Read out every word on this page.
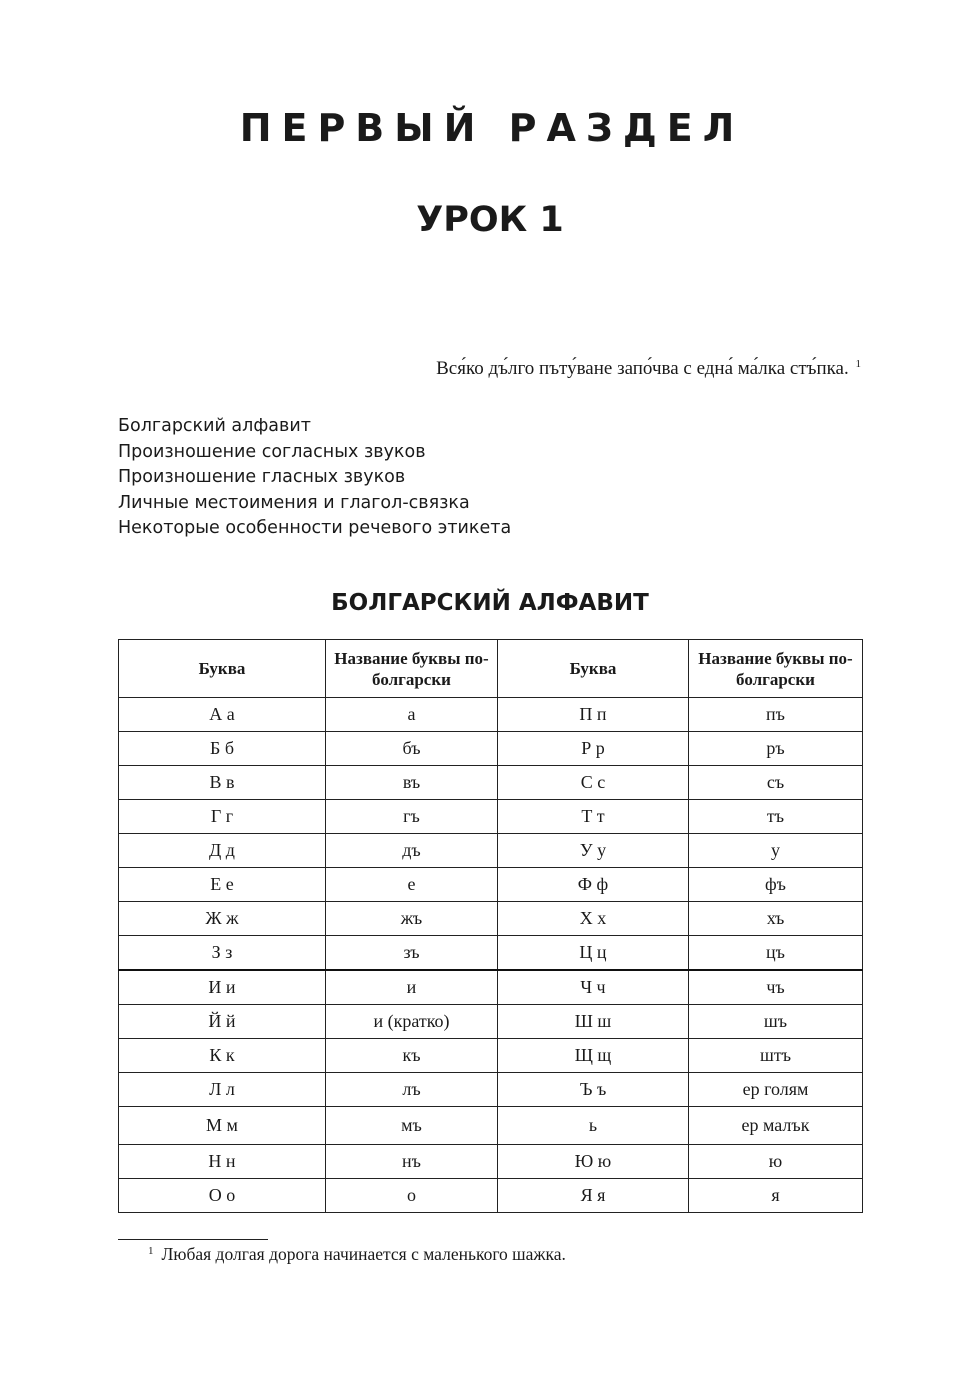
ПЕРВЫЙ РАЗДЕЛ
УРОК 1
Вся́ко дъ́лго пъту́ване запо́чва с една́ ма́лка стъ́пка. $^1$
Болгарский алфавит
Произношение согласных звуков
Произношение гласных звуков
Личные местоимения и глагол-связка
Некоторые особенности речевого этикета
БОЛГАРСКИЙ АЛФАВИТ
Буква	Название буквы по-болгарски	Буква	Название буквы по-болгарски
А а	а	П п	пъ
Б б	бъ	Р р	ръ
В в	въ	С с	съ
Г г	гъ	Т т	тъ
Д д	дъ	У у	у
Е е	е	Ф ф	фъ
Ж ж	жъ	Х х	хъ
З з	зъ	Ц ц	цъ
И и	и	Ч ч	чъ
Й й	и (кратко)	Ш ш	шъ
К к	къ	Щ щ	штъ
Л л	лъ	Ъ ъ	ер голям
М м	мъ	ь	ер малък
Н н	нъ	Ю ю	ю
О о	о	Я я	я
$^1$ Любая долгая дорога начинается с маленького шажка.
